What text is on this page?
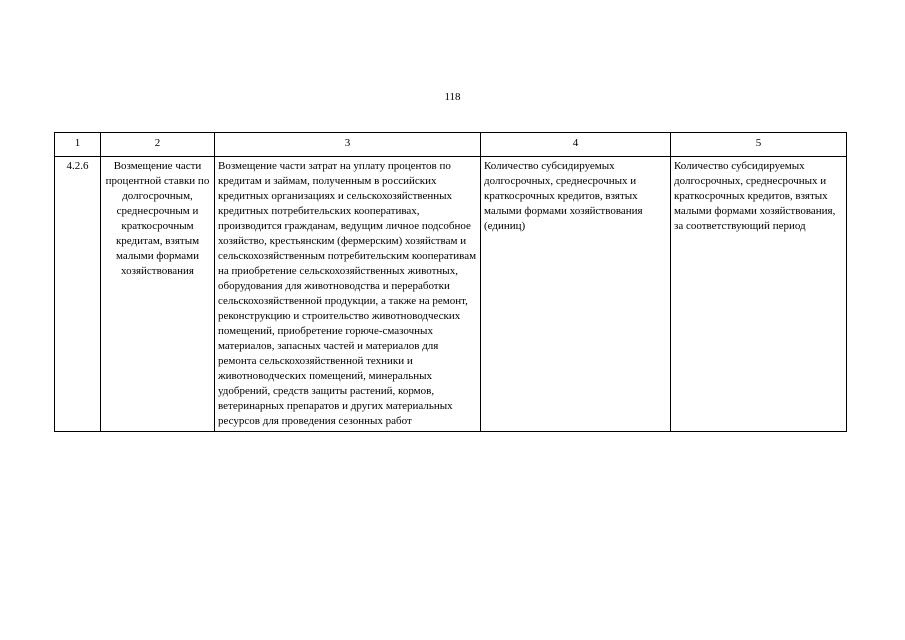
118
1	2	3	4	5
4.2.6	Возмещение части процентной ставки по долгосрочным, среднесрочным и краткосрочным кредитам, взятым малыми формами хозяйствования	Возмещение части затрат на уплату процентов по кредитам и займам, полученным в российских кредитных организациях и сельскохозяйственных кредитных потребительских кооперативах, производится гражданам, ведущим личное подсобное хозяйство, крестьянским (фермерским) хозяйствам и сельскохозяйственным потребительским кооперативам на приобретение сельскохозяйственных животных, оборудования для животноводства и переработки сельскохозяйственной продукции, а также на ремонт, реконструкцию и строительство животноводческих помещений, приобретение горюче-смазочных материалов, запасных частей и материалов для ремонта сельскохозяйственной техники и животноводческих помещений, минеральных удобрений, средств защиты растений, кормов, ветеринарных препаратов и других материальных ресурсов для проведения сезонных работ	Количество субсидируемых долгосрочных, среднесрочных и краткосрочных кредитов, взятых малыми формами хозяйствования (единиц)	Количество субсидируемых долгосрочных, среднесрочных и краткосрочных кредитов, взятых малыми формами хозяйствования, за соответствующий период
